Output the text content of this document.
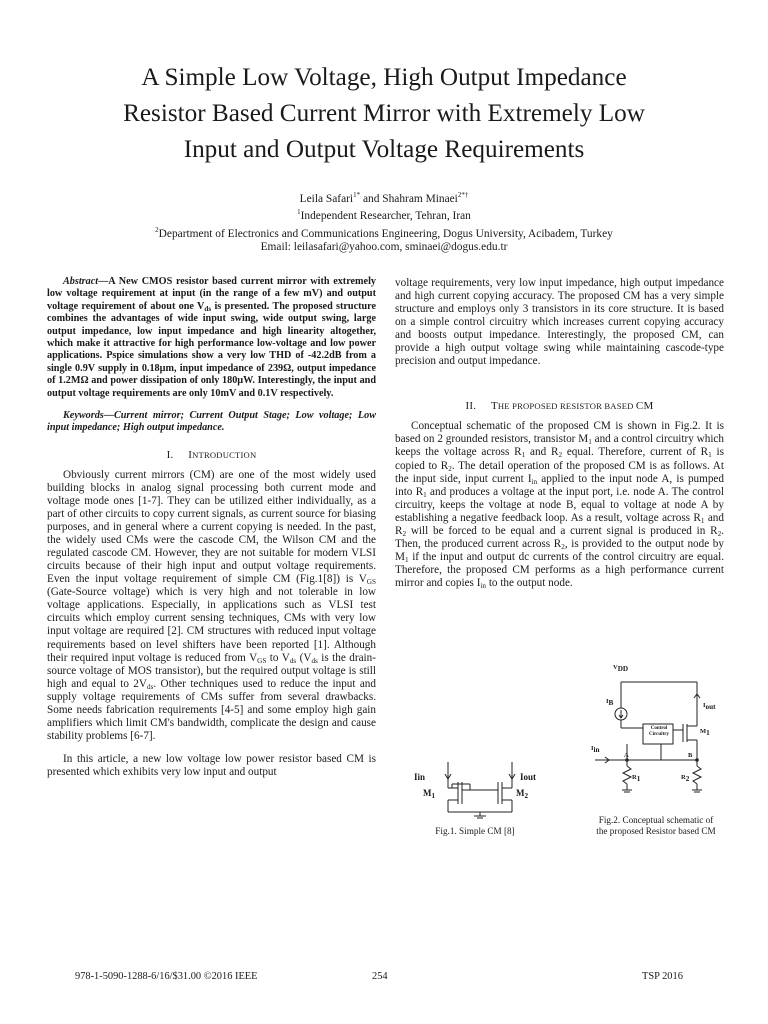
A Simple Low Voltage, High Output Impedance
Resistor Based Current Mirror with Extremely Low
Input and Output Voltage Requirements
Leila Safari$^{1*}$ and Shahram Minaei$^{2*\dagger}$
$^1$Independent Researcher, Tehran, Iran
$^2$Department of Electronics and Communications Engineering, Dogus University, Acibadem, Turkey
Email: leilasafari@yahoo.com, sminaei@dogus.edu.tr
Abstract—A New CMOS resistor based current mirror with extremely low voltage requirement at input (in the range of a few mV) and output voltage requirement of about one $V_{ds}$ is presented. The proposed structure combines the advantages of wide input swing, wide output swing, large output impedance, low input impedance and high linearity altogether, which make it attractive for high performance low-voltage and low power applications. Pspice simulations show a very low THD of -42.2dB from a single 0.9V supply in 0.18µm, input impedance of 239Ω, output impedance of 1.2MΩ and power dissipation of only 180µW. Interestingly, the input and output voltage requirements are only 10mV and 0.1V respectively.
Keywords—Current mirror; Current Output Stage; Low voltage; Low input impedance; High output impedance.
I. INTRODUCTION

Obviously current mirrors (CM) are one of the most widely used building blocks in analog signal processing both current mode and voltage mode ones [1-7]. They can be utilized either individually, as a part of other circuits to copy current signals, as current source for biasing purposes, and in general where a current copying is needed. In the past, the widely used CMs were the cascode CM, the Wilson CM and the regulated cascode CM. However, they are not suitable for modern VLSI circuits because of their high input and output voltage requirements. Even the input voltage requirement of simple CM (Fig.1[8]) is $V_{GS}$ (Gate-Source voltage) which is very high and not tolerable in low voltage applications. Especially, in applications such as VLSI test circuits which employ current sensing techniques, CMs with very low input voltage are required [2]. CM structures with reduced input voltage requirements based on level shifters have been reported [1]. Although their required input voltage is reduced from $V_{GS}$ to $V_{ds}$ ($V_{ds}$ is the drain-source voltage of MOS transistor), but the required output voltage is still high and equal to $2V_{ds}$. Other techniques used to reduce the input and supply voltage requirements of CMs suffer from several drawbacks. Some needs fabrication requirements [4-5] and some employ high gain amplifiers which limit CM's bandwidth, complicate the design and cause stability problems [6-7].

In this article, a new low voltage low power resistor based CM is presented which exhibits very low input and output

voltage requirements, very low input impedance, high output impedance and high current copying accuracy. The proposed CM has a very simple structure and employs only 3 transistors in its core structure. It is based on a simple control circuitry which increases current copying accuracy and boosts output impedance. Interestingly, the proposed CM, can provide a high output voltage swing while maintaining cascode-type precision and output impedance.

II. THE PROPOSED RESISTOR BASED CM

Conceptual schematic of the proposed CM is shown in Fig.2. It is based on 2 grounded resistors, transistor $M_1$ and a control circuitry which keeps the voltage across $R_1$ and $R_2$ equal. Therefore, current of $R_1$ is copied to $R_2$. The detail operation of the proposed CM is as follows. At the input side, input current $I_{in}$ applied to the input node A, is pumped into $R_1$ and produces a voltage at the input port, i.e. node A. The control circuitry, keeps the voltage at node B, equal to voltage at node A by establishing a negative feedback loop. As a result, voltage across $R_1$ and $R_2$ will be forced to be equal and a current signal is produced in $R_2$. Then, the produced current across $R_2$, is provided to the output node by $M_1$ if the input and output dc currents of the control circuitry are equal. Therefore, the proposed CM performs as a high performance current mirror and copies $I_{in}$ to the output node.

Iin	Iout
$M_1$	$M_2$
Fig.1. Simple CM [8]
$V_{DD}$
$I_B$	$I_{out}$
Control
Circuitry	$M_1$
$I_{in}$
A	B
$R_1$	$R_2$
Fig.2. Conceptual schematic of
the proposed Resistor based CM
978-1-5090-1288-6/16/$31.00 ©2016 IEEE	254	TSP 2016
